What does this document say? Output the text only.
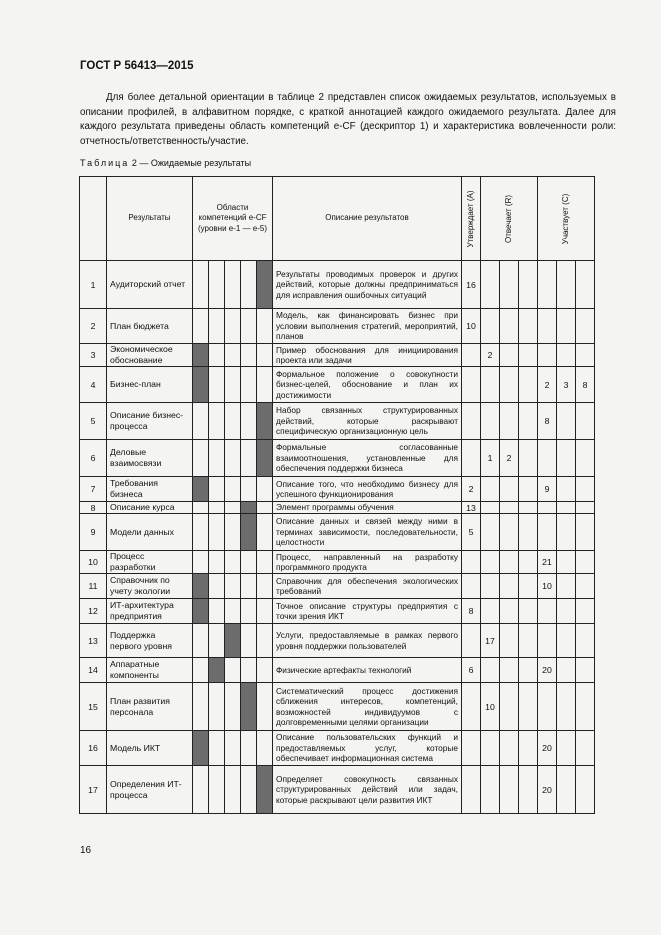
ГОСТ Р 56413—2015

Для более детальной ориентации в таблице 2 представлен список ожидаемых результатов, используемых в описании профилей, в алфавитном порядке, с краткой аннотацией каждого ожидаемого результата. Далее для каждого результата приведены область компетенций e-CF (дескриптор 1) и характеристика вовлеченности роли: отчетность/ответственность/участие.

Таблица 2 — Ожидаемые результаты
	Результаты	Области компетенций e-CF (уровни e-1 — e-5)					Описание результатов	Утверждает (A)	Отвечает (R)			Участвует (C)		

1	Аудиторский отчет						Результаты проводимых проверок и других действий, которые должны предприниматься для исправления ошибочных ситуаций	16						
2	План бюджета						Модель, как финансировать бизнес при условии выполнения стратегий, мероприятий, планов	10						
3	Экономическое обоснование						Пример обоснования для инициирования проекта или задачи		2					
4	Бизнес-план						Формальное положение о совокупности бизнес-целей, обоснование и план их достижимости					2	3	8
5	Описание бизнес-процесса						Набор связанных структурированных действий, которые раскрывают специфическую организационную цель					8		
6	Деловые взаимосвязи						Формальные согласованные взаимоотношения, установленные для обеспечения поддержки бизнеса		1	2				
7	Требования бизнеса						Описание того, что необходимо бизнесу для успешного функционирования	2				9		
8	Описание курса						Элемент программы обучения	13						
9	Модели данных						Описание данных и связей между ними в терминах зависимости, последовательности, целостности	5						
10	Процесс разработки						Процесс, направленный на разработку программного продукта					21		
11	Справочник по учету экологии						Справочник для обеспечения экологических требований					10		
12	ИТ-архитектура предприятия						Точное описание структуры предприятия с точки зрения ИКТ	8						
13	Поддержка первого уровня						Услуги, предоставляемые в рамках первого уровня поддержки пользователей		17					
14	Аппаратные компоненты						Физические артефакты технологий	6				20		
15	План развития персонала						Систематический процесс достижения сближения интересов, компетенций, возможностей индивидуумов с долговременными целями организации		10					
16	Модель ИКТ						Описание пользовательских функций и предоставляемых услуг, которые обеспечивает информационная система					20		
17	Определения ИТ-процесса						Определяет совокупность связанных структурированных действий или задач, которые раскрывают цели развития ИКТ					20		
16
